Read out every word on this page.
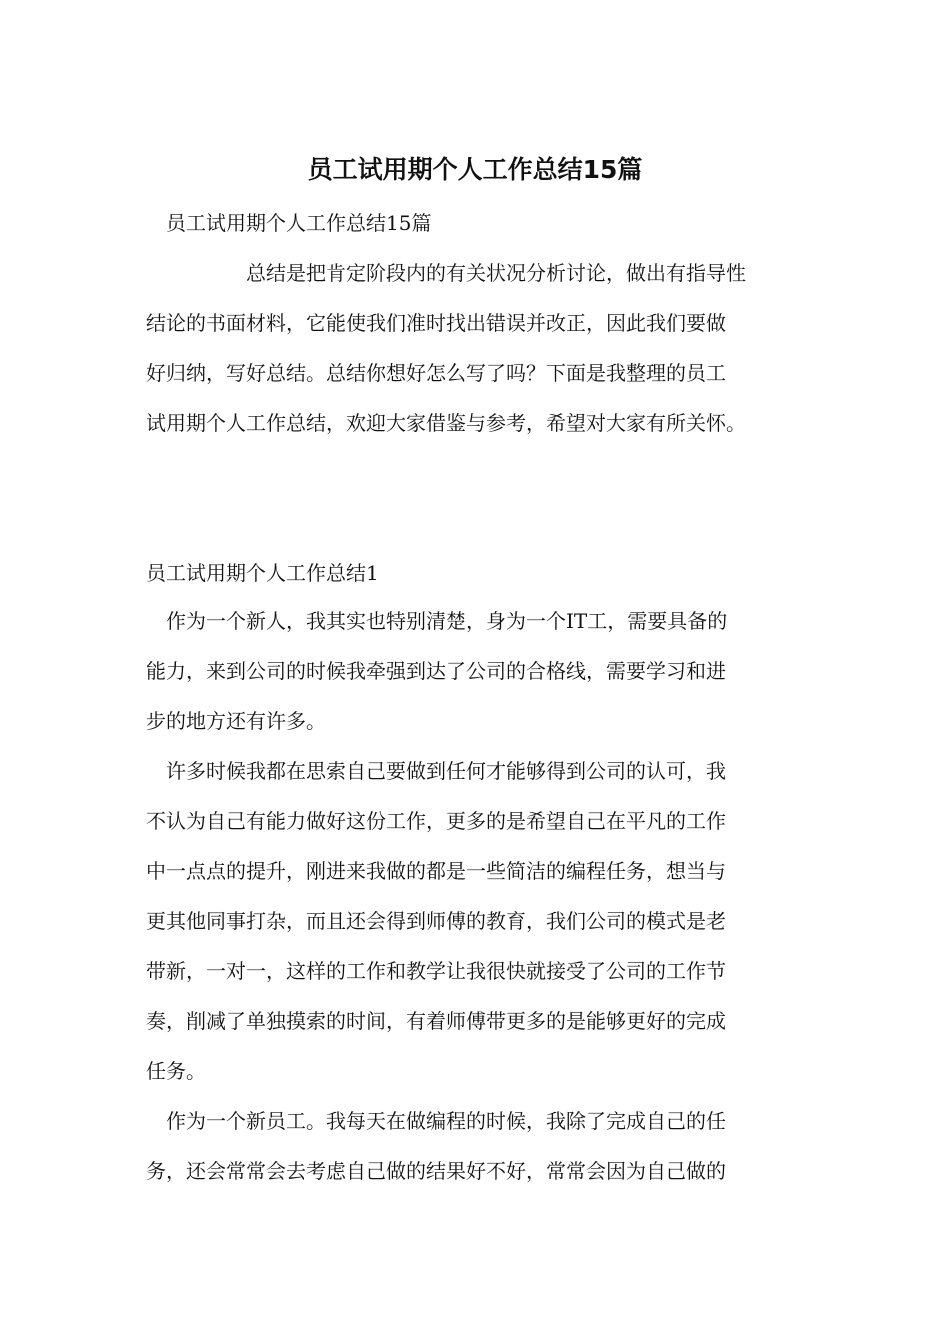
员工试用期个人工作总结15篇

员工试用期个人工作总结15篇

总结是把肯定阶段内的有关状况分析讨论，做出有指导性

结论的书面材料，它能使我们准时找出错误并改正，因此我们要做

好归纳，写好总结。总结你想好怎么写了吗？下面是我整理的员工

试用期个人工作总结，欢迎大家借鉴与参考，希望对大家有所关怀。

员工试用期个人工作总结1

作为一个新人，我其实也特别清楚，身为一个IT工，需要具备的

能力，来到公司的时候我牵强到达了公司的合格线，需要学习和进

步的地方还有许多。

许多时候我都在思索自己要做到任何才能够得到公司的认可，我

不认为自己有能力做好这份工作，更多的是希望自己在平凡的工作

中一点点的提升，刚进来我做的都是一些简洁的编程任务，想当与

更其他同事打杂，而且还会得到师傅的教育，我们公司的模式是老

带新，一对一，这样的工作和教学让我很快就接受了公司的工作节

奏，削减了单独摸索的时间，有着师傅带更多的是能够更好的完成

任务。

作为一个新员工。我每天在做编程的时候，我除了完成自己的任

务，还会常常会去考虑自己做的结果好不好，常常会因为自己做的
